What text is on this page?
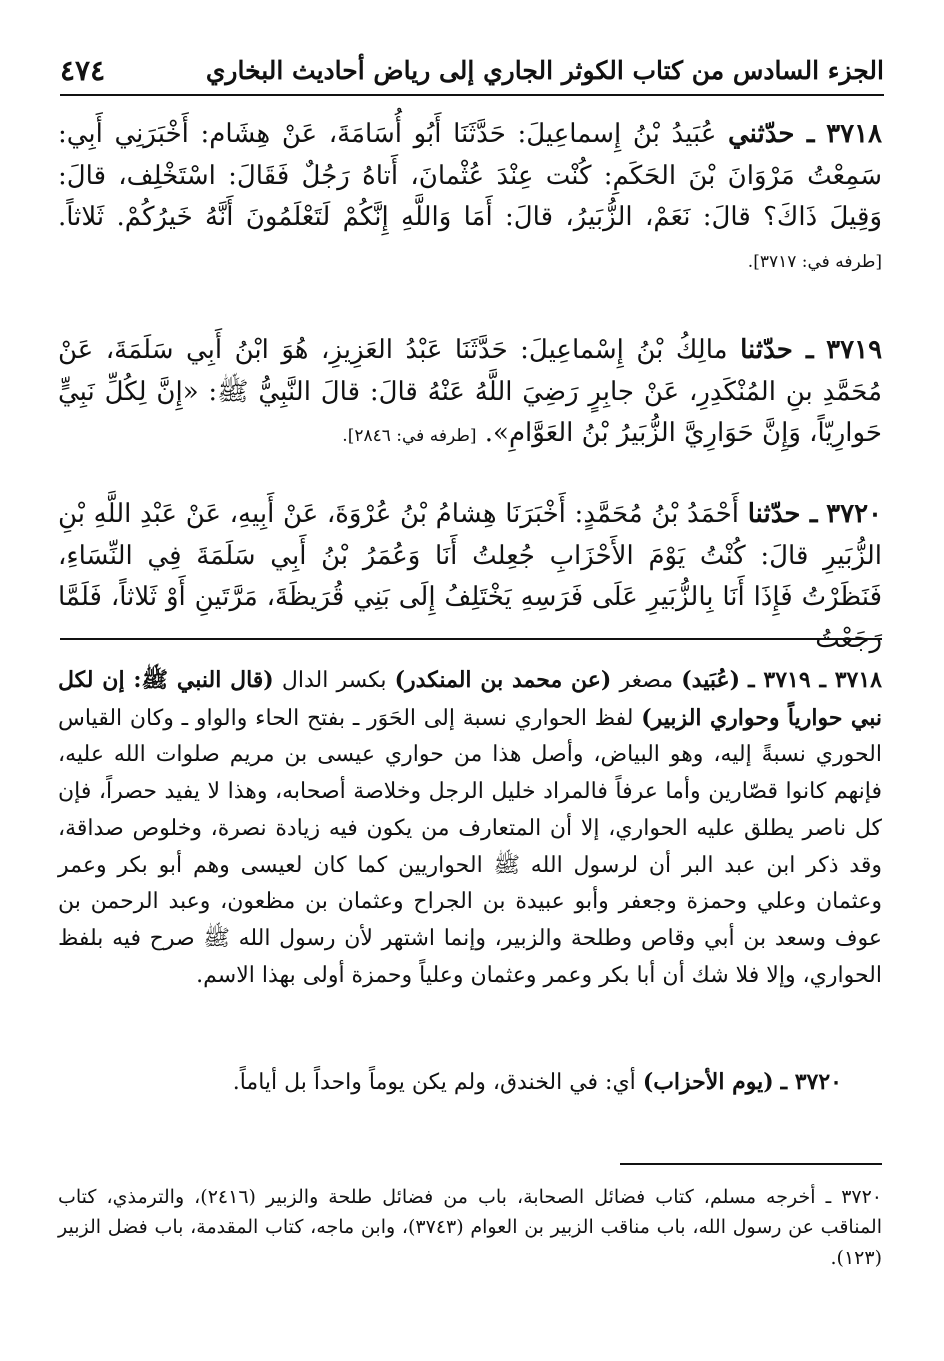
الجزء السادس من كتاب الكوثر الجاري إلى رياض أحاديث البخاري
٤٧٤
٣٧١٨ ـ حدّثني عُبَيدُ بْنُ إِسماعِيلَ: حَدَّثَنَا أَبُو أُسَامَةَ، عَنْ هِشَام: أَخْبَرَنِي أَبِي: سَمِعْتُ مَرْوَانَ بْنَ الحَكَمِ: كُنْت عِنْدَ عُثْمانَ، أَتاهُ رَجُلٌ فَقَالَ: اسْتَخْلِف، قالَ: وَقِيلَ ذَاكَ؟ قالَ: نَعَمْ، الزُّبَيرُ، قالَ: أَمَا وَاللَّهِ إِنَّكُمْ لَتَعْلَمُونَ أَنَّهُ خَيرُكُمْ. ثَلاثاً. [طرفه في: ٣٧١٧].
٣٧١٩ ـ حدّثنا مالِكُ بْنُ إِسْماعِيلَ: حَدَّثَنَا عَبْدُ العَزِيزِ، هُوَ ابْنُ أَبِي سَلَمَةَ، عَنْ مُحَمَّدِ بنِ المُنْكَدِرِ، عَنْ جابِرٍ رَضِيَ اللَّهُ عَنْهُ قالَ: قالَ النَّبِيُّ ﷺ: «إِنَّ لِكُلِّ نَبِيٍّ حَوارِيّاً، وَإِنَّ حَوَارِيَّ الزُّبَيرُ بْنُ العَوَّامِ». [طرفه في: ٢٨٤٦].
٣٧٢٠ ـ حدّثنا أَحْمَدُ بْنُ مُحَمَّدٍ: أَخْبَرَنَا هِشامُ بْنُ عُرْوَةَ، عَنْ أَبِيهِ، عَنْ عَبْدِ اللَّهِ بْنِ الزُّبَيرِ قالَ: كُنْتُ يَوْمَ الأَحْزَابِ جُعِلتُ أَنَا وَعُمَرُ بْنُ أَبِي سَلَمَةَ فِي النِّسَاءِ، فَنَظَرْتُ فَإِذَا أَنَا بِالزُّبَيرِ عَلَى فَرَسِهِ يَخْتَلِفُ إِلَى بَنِي قُرَيظَةَ، مَرَّتَينِ أَوْ ثَلاثاً، فَلَمَّا رَجَعْتُ
٣٧١٨ ـ ٣٧١٩ ـ (عُبَيد) مصغر (عن محمد بن المنكدر) بكسر الدال (قال النبي ﷺ: إن لكل نبي حوارياً وحواري الزبير) لفظ الحواري نسبة إلى الحَوَر ـ بفتح الحاء والواو ـ وكان القياس الحوري نسبةً إليه، وهو البياض، وأصل هذا من حواري عيسى بن مريم صلوات الله عليه، فإنهم كانوا قصّارين وأما عرفاً فالمراد خليل الرجل وخلاصة أصحابه، وهذا لا يفيد حصراً، فإن كل ناصر يطلق عليه الحواري، إلا أن المتعارف من يكون فيه زيادة نصرة، وخلوص صداقة، وقد ذكر ابن عبد البر أن لرسول الله ﷺ الحواريين كما كان لعيسى وهم أبو بكر وعمر وعثمان وعلي وحمزة وجعفر وأبو عبيدة بن الجراح وعثمان بن مظعون، وعبد الرحمن بن عوف وسعد بن أبي وقاص وطلحة والزبير، وإنما اشتهر لأن رسول الله ﷺ صرح فيه بلفظ الحواري، وإلا فلا شك أن أبا بكر وعمر وعثمان وعلياً وحمزة أولى بهذا الاسم.
٣٧٢٠ ـ (يوم الأحزاب) أي: في الخندق، ولم يكن يوماً واحداً بل أياماً.
٣٧٢٠ ـ أخرجه مسلم، كتاب فضائل الصحابة، باب من فضائل طلحة والزبير (٢٤١٦)، والترمذي، كتاب المناقب عن رسول الله، باب مناقب الزبير بن العوام (٣٧٤٣)، وابن ماجه، كتاب المقدمة، باب فضل الزبير (١٢٣).
